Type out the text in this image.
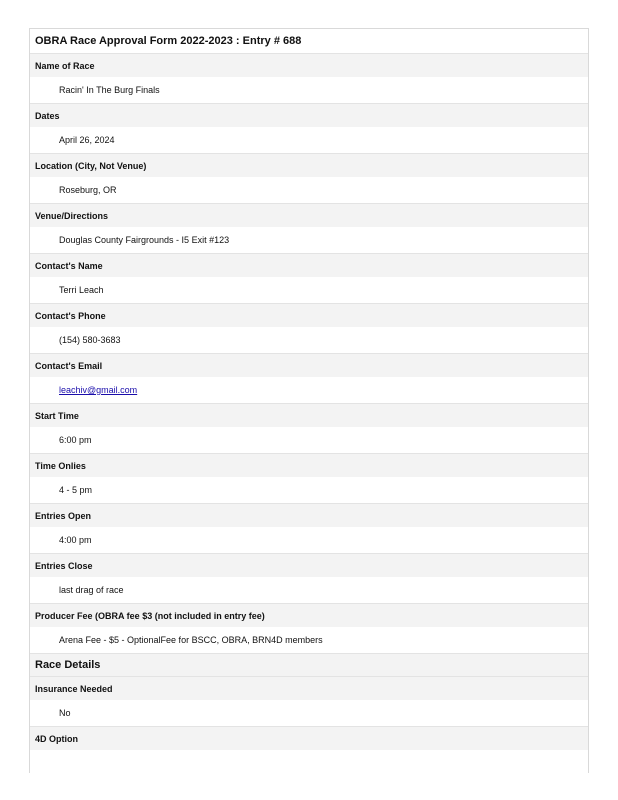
OBRA Race Approval Form 2022-2023 : Entry # 688
Name of Race
Racin' In The Burg Finals
Dates
April 26, 2024
Location (City, Not Venue)
Roseburg, OR
Venue/Directions
Douglas County Fairgrounds - I5 Exit #123
Contact's Name
Terri Leach
Contact's Phone
(154) 580-3683
Contact's Email
leachiv@gmail.com
Start Time
6:00 pm
Time Onlies
4 - 5 pm
Entries Open
4:00 pm
Entries Close
last drag of race
Producer Fee (OBRA fee $3 (not included in entry fee)
Arena Fee - $5 - OptionalFee for BSCC, OBRA, BRN4D members
Race Details
Insurance Needed
No
4D Option
